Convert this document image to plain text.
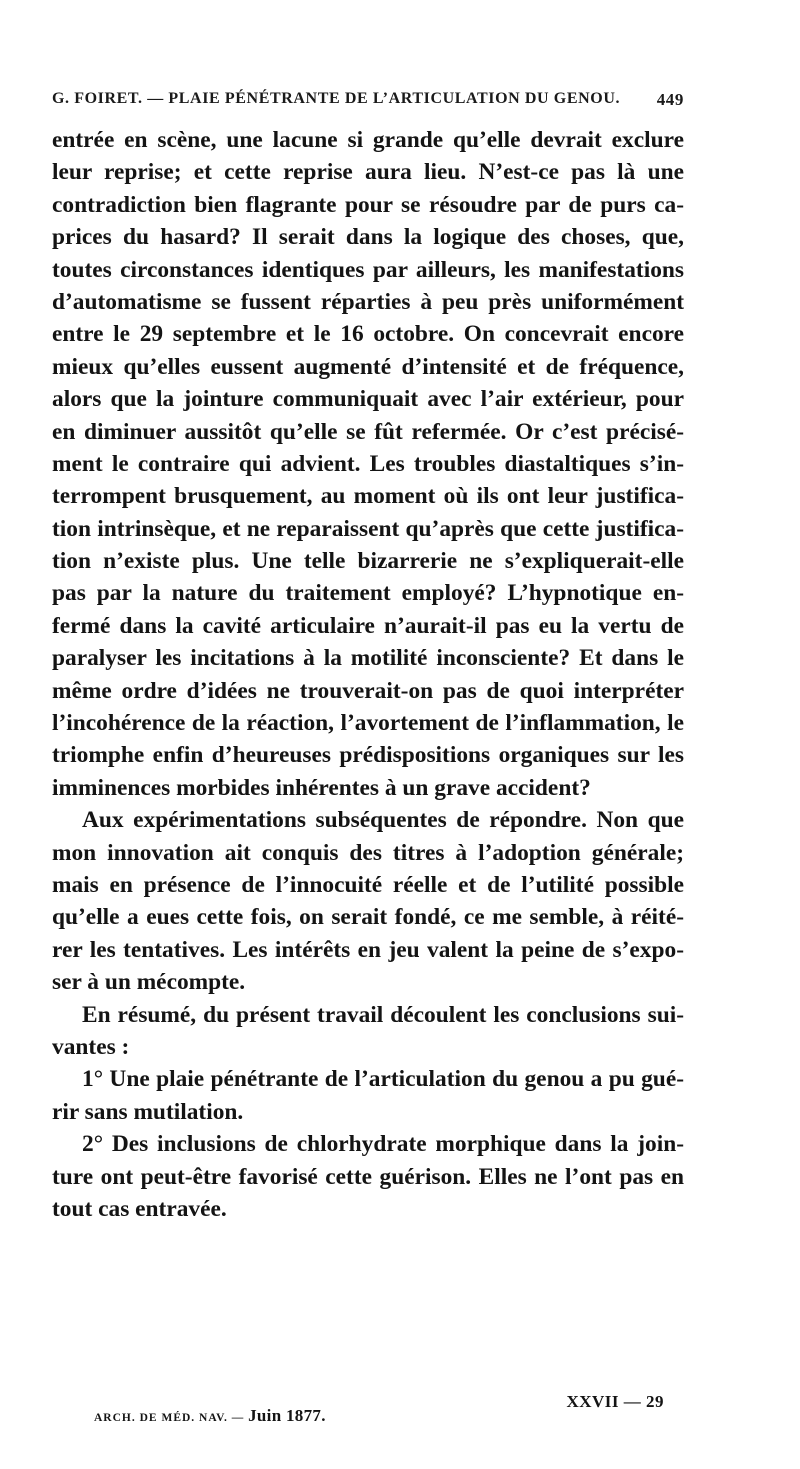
G. FOIRET. — PLAIE PÉNÉTRANTE DE L’ARTICULATION DU GENOU. 449
entrée en scène, une lacune si grande qu’elle devrait exclure
leur reprise; et cette reprise aura lieu. N’est-ce pas là une
contradiction bien flagrante pour se résoudre par de purs ca-
prices du hasard? Il serait dans la logique des choses, que,
toutes circonstances identiques par ailleurs, les manifestations
d’automatisme se fussent réparties à peu près uniformément
entre le 29 septembre et le 16 octobre. On concevrait encore
mieux qu’elles eussent augmenté d’intensité et de fréquence,
alors que la jointure communiquait avec l’air extérieur, pour
en diminuer aussitôt qu’elle se fût refermée. Or c’est précisé-
ment le contraire qui advient. Les troubles diastaltiques s’in-
terrompent brusquement, au moment où ils ont leur justifica-
tion intrinsèque, et ne reparaissent qu’après que cette justifica-
tion n’existe plus. Une telle bizarrerie ne s’expliquerait-elle
pas par la nature du traitement employé? L’hypnotique en-
fermé dans la cavité articulaire n’aurait-il pas eu la vertu de
paralyser les incitations à la motilité inconsciente? Et dans le
même ordre d’idées ne trouverait-on pas de quoi interpréter
l’incohérence de la réaction, l’avortement de l’inflammation, le
triomphe enfin d’heureuses prédispositions organiques sur les
imminences morbides inhérentes à un grave accident?
Aux expérimentations subséquentes de répondre. Non que
mon innovation ait conquis des titres à l’adoption générale;
mais en présence de l’innocuité réelle et de l’utilité possible
qu’elle a eues cette fois, on serait fondé, ce me semble, à réité-
rer les tentatives. Les intérêts en jeu valent la peine de s’expo-
ser à un mécompte.
En résumé, du présent travail découlent les conclusions sui-
vantes :
1° Une plaie pénétrante de l’articulation du genou a pu gué-
rir sans mutilation.
2° Des inclusions de chlorhydrate morphique dans la join-
ture ont peut-être favorisé cette guérison. Elles ne l’ont pas en
tout cas entravée.
ARCH. DE MÉD. NAV. — Juin 1877.
XXVII — 29
